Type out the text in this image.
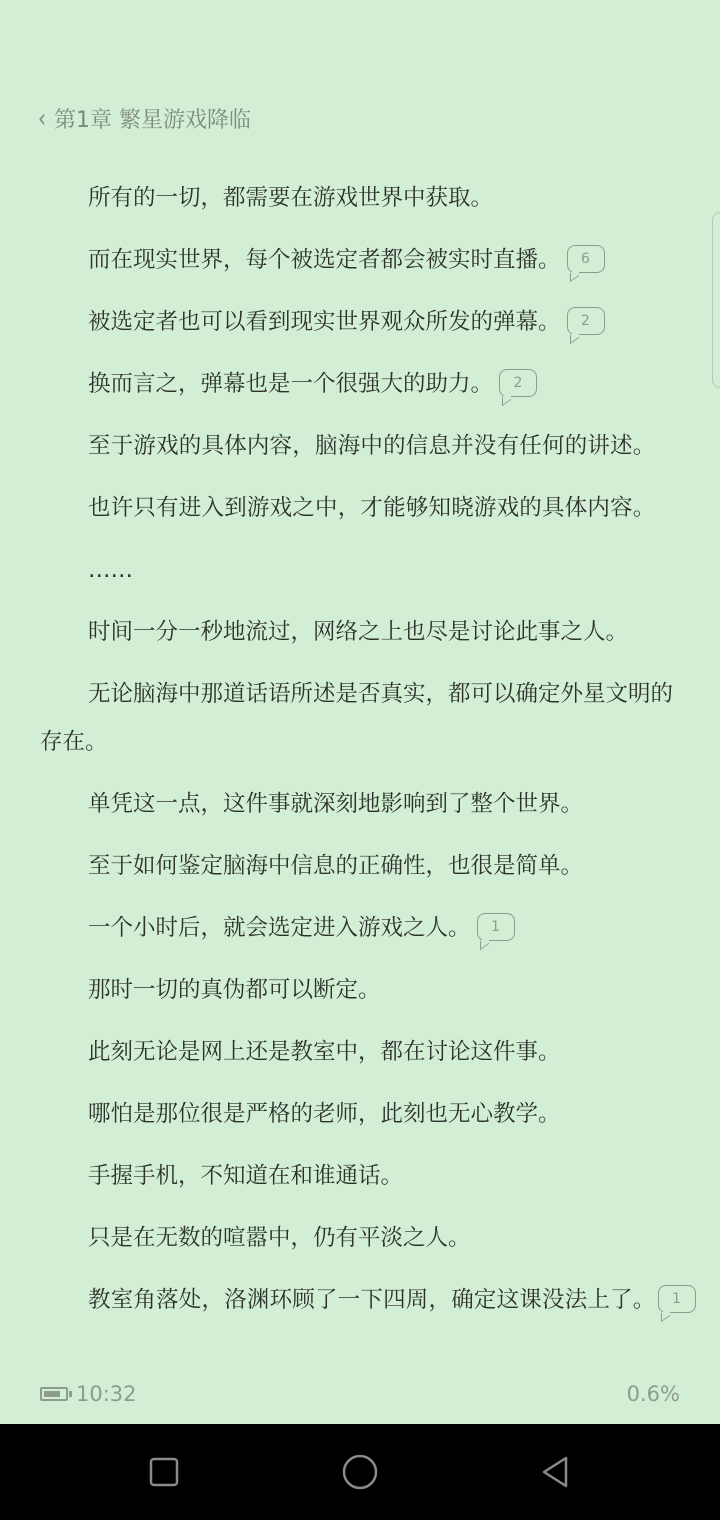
‹ 第1章 繁星游戏降临

所有的一切，都需要在游戏世界中获取。

而在现实世界，每个被选定者都会被实时直播。 6

被选定者也可以看到现实世界观众所发的弹幕。 2

换而言之，弹幕也是一个很强大的助力。 2

至于游戏的具体内容，脑海中的信息并没有任何的讲述。

也许只有进入到游戏之中，才能够知晓游戏的具体内容。

……

时间一分一秒地流过，网络之上也尽是讨论此事之人。

无论脑海中那道话语所述是否真实，都可以确定外星文明的存在。

单凭这一点，这件事就深刻地影响到了整个世界。

至于如何鉴定脑海中信息的正确性，也很是简单。

一个小时后，就会选定进入游戏之人。 1

那时一切的真伪都可以断定。

此刻无论是网上还是教室中，都在讨论这件事。

哪怕是那位很是严格的老师，此刻也无心教学。

手握手机，不知道在和谁通话。

只是在无数的喧嚣中，仍有平淡之人。

教室角落处，洛渊环顾了一下四周，确定这课没法上了。 1

10:32	0.6%
